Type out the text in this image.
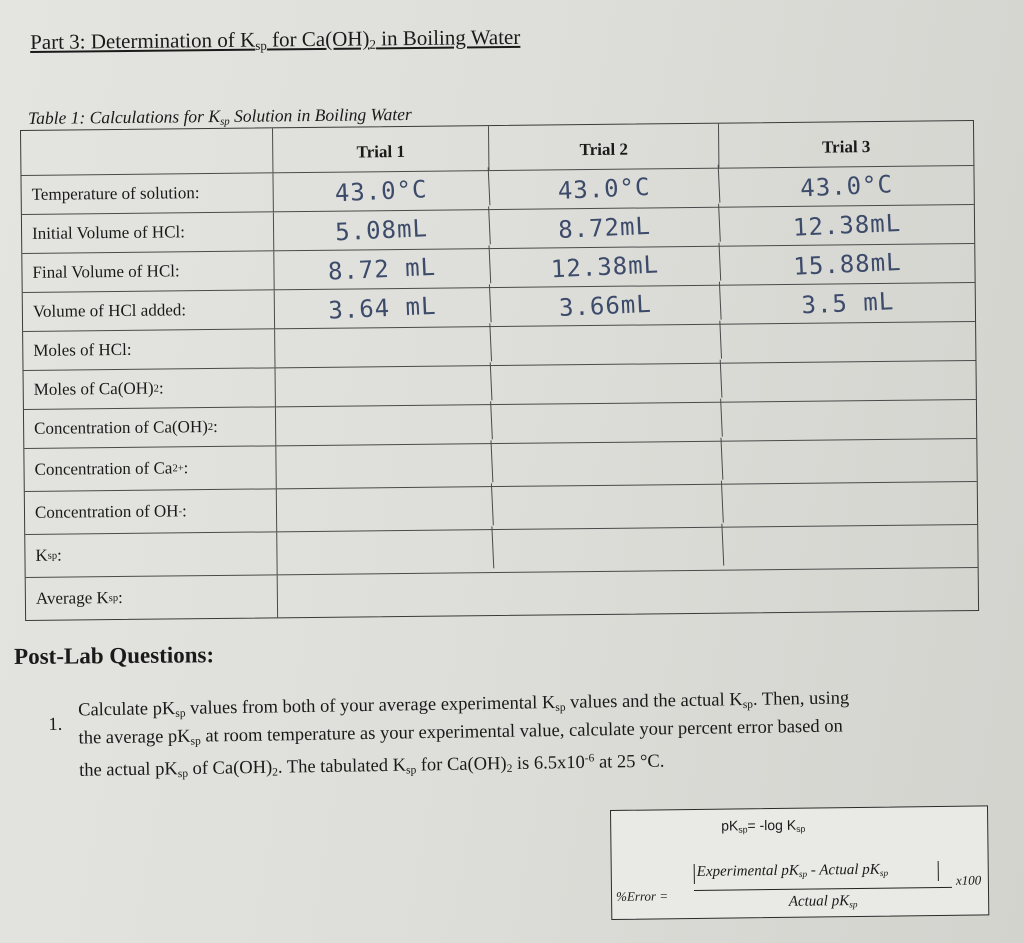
Part 3: Determination of $K_{sp}$ for $Ca(OH)_2$ in Boiling Water
Table 1: Calculations for $K_{sp}$ Solution in Boiling Water
Trial 1	Trial 2	Trial 3
Temperature of solution:	43.0°C	43.0°C	43.0°C
Initial Volume of HCl:	5.08mL	8.72mL	12.38mL
Final Volume of HCl:	8.72 mL	12.38mL	15.88mL
Volume of HCl added:	3.64 mL	3.66mL	3.5 mL
Moles of HCl:
Moles of Ca(OH) 2 :
Concentration of Ca(OH) 2 :
Concentration of Ca 2+ :
Concentration of OH - :
K sp :
Average K sp :
Post-Lab Questions:
1.
Calculate $pK_{sp}$ values from both of your average experimental $K_{sp}$ values and the actual $K_{sp}$. Then, using
the average $pK_{sp}$ at room temperature as your experimental value, calculate your percent error based on
the actual $pK_{sp}$ of $Ca(OH)_2$. The tabulated $K_{sp}$ for $Ca(OH)_2$ is $6.5x10^{-6}$ at 25 °C.
$pK_{sp}= -\log$ $K_{sp}$
%Error =
Experimental $pK_{sp}$ - Actual $pK_{sp}$
Actual $pK_{sp}$
x100
